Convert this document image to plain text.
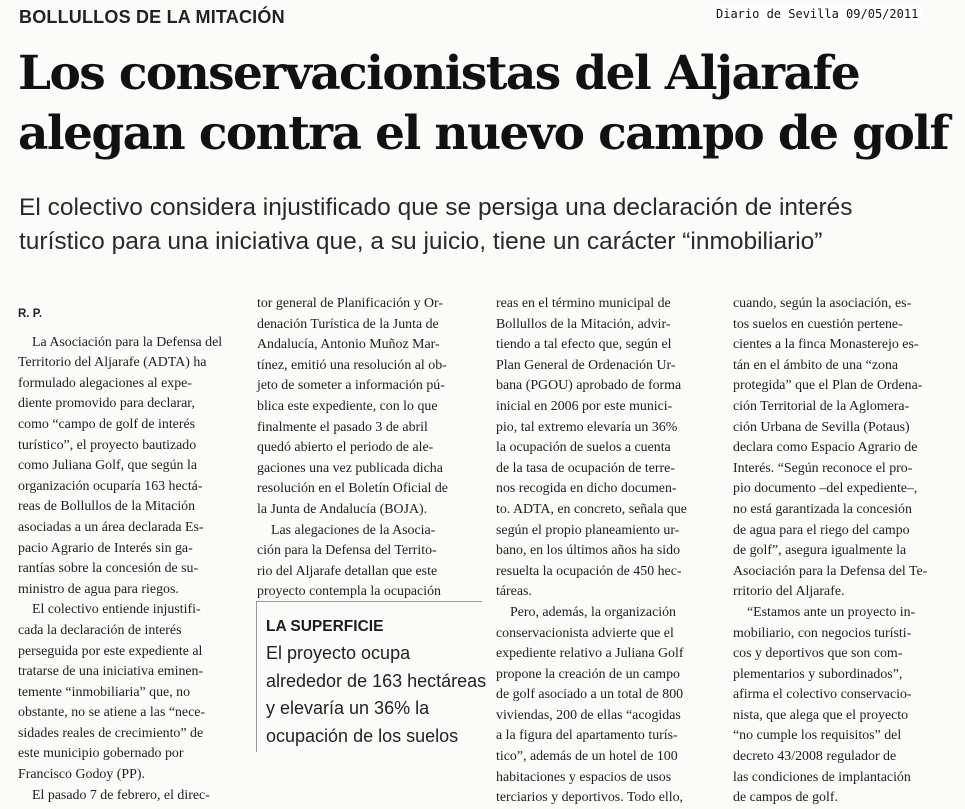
BOLLULLOS DE LA MITACIÓN	Diario de Sevilla 09/05/2011
Los conservacionistas del Aljarafe
alegan contra el nuevo campo de golf
El colectivo considera injustificado que se persiga una declaración de interés
turístico para una iniciativa que, a su juicio, tiene un carácter “inmobiliario”
R. P.

La Asociación para la Defensa del
Territorio del Aljarafe (ADTA) ha
formulado alegaciones al expe-
diente promovido para declarar,
como “campo de golf de interés
turístico”, el proyecto bautizado
como Juliana Golf, que según la
organización ocuparía 163 hectá-
reas de Bollullos de la Mitación
asociadas a un área declarada Es-
pacio Agrario de Interés sin ga-
rantías sobre la concesión de su-
ministro de agua para riegos.

El colectivo entiende injustifi-
cada la declaración de interés
perseguida por este expediente al
tratarse de una iniciativa eminen-
temente “inmobiliaria” que, no
obstante, no se atiene a las “nece-
sidades reales de crecimiento” de
este municipio gobernado por
Francisco Godoy (PP).

El pasado 7 de febrero, el direc-

tor general de Planificación y Or-
denación Turística de la Junta de
Andalucía, Antonio Muñoz Mar-
tínez, emitió una resolución al ob-
jeto de someter a información pú-
blica este expediente, con lo que
finalmente el pasado 3 de abril
quedó abierto el periodo de ale-
gaciones una vez publicada dicha
resolución en el Boletín Oficial de
la Junta de Andalucía (BOJA).

Las alegaciones de la Asocia-
ción para la Defensa del Territo-
rio del Aljarafe detallan que este
proyecto contempla la ocupación

reas en el término municipal de
Bollullos de la Mitación, advir-
tiendo a tal efecto que, según el
Plan General de Ordenación Ur-
bana (PGOU) aprobado de forma
inicial en 2006 por este munici-
pio, tal extremo elevaría un 36%
la ocupación de suelos a cuenta
de la tasa de ocupación de terre-
nos recogida en dicho documen-
to. ADTA, en concreto, señala que
según el propio planeamiento ur-
bano, en los últimos años ha sido
resuelta la ocupación de 450 hec-
táreas.

Pero, además, la organización
conservacionista advierte que el
expediente relativo a Juliana Golf
propone la creación de un campo
de golf asociado a un total de 800
viviendas, 200 de ellas “acogidas
a la figura del apartamento turís-
tico”, además de un hotel de 100
habitaciones y espacios de usos
terciarios y deportivos. Todo ello,

cuando, según la asociación, es-
tos suelos en cuestión pertene-
cientes a la finca Monasterejo es-
tán en el ámbito de una “zona
protegida” que el Plan de Ordena-
ción Territorial de la Aglomera-
ción Urbana de Sevilla (Potaus)
declara como Espacio Agrario de
Interés. “Según reconoce el pro-
pio documento –del expediente–,
no está garantizada la concesión
de agua para el riego del campo
de golf”, asegura igualmente la
Asociación para la Defensa del Te-
rritorio del Aljarafe.

“Estamos ante un proyecto in-
mobiliario, con negocios turísti-
cos y deportivos que son com-
plementarios y subordinados”,
afirma el colectivo conservacio-
nista, que alega que el proyecto
“no cumple los requisitos” del
decreto 43/2008 regulador de
las condiciones de implantación
de campos de golf.

LA SUPERFICIE
El proyecto ocupa
alrededor de 163 hectáreas
y elevaría un 36% la
ocupación de los suelos
